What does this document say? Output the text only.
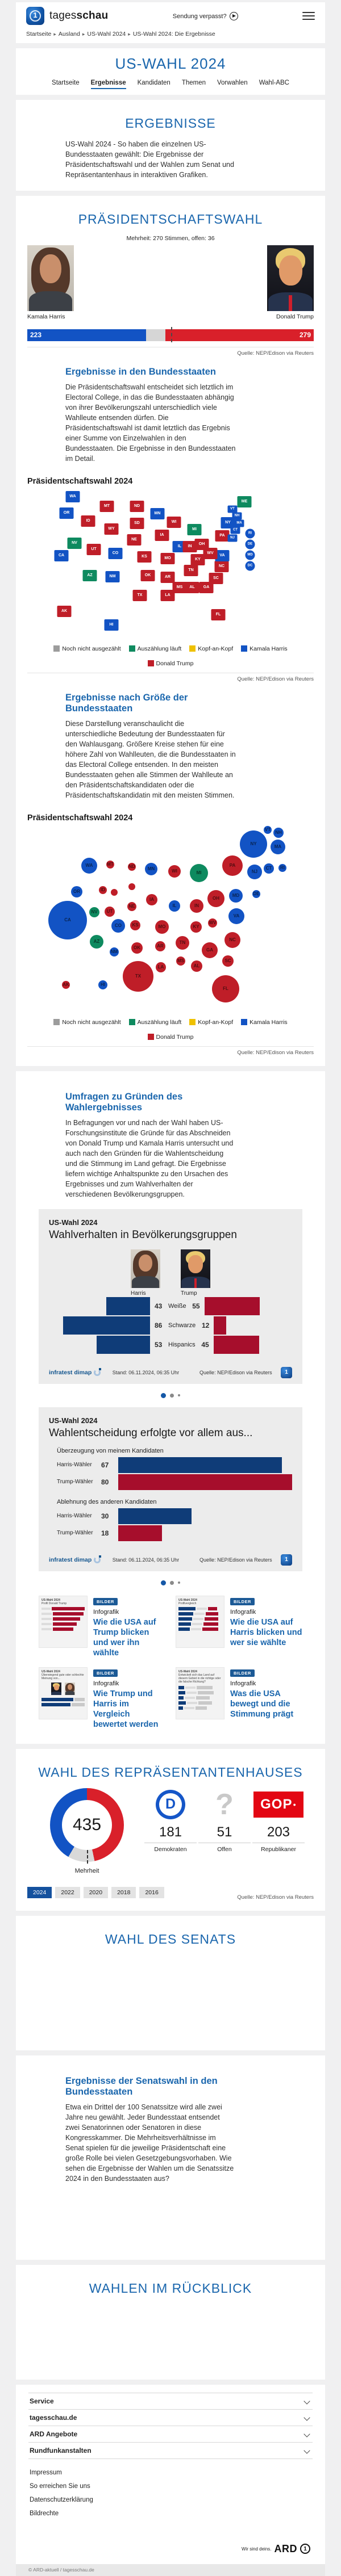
1	tagesschau	Sendung verpasst?
Startseite ▸ Ausland ▸ US-Wahl 2024 ▸ US-Wahl 2024: Die Ergebnisse
US-WAHL 2024
Startseite Ergebnisse Kandidaten Themen Vorwahlen Wahl-ABC
ERGEBNISSE

US-Wahl 2024 - So haben die einzelnen US-Bundesstaaten gewählt: Die Ergebnisse der Präsidentschaftswahl und der Wahlen zum Senat und Repräsentantenhaus in interaktiven Grafiken.

PRÄSIDENTSCHAFTSWAHL
Mehrheit: 270 Stimmen, offen: 36
Kamala Harris	Donald Trump
223	279
Quelle: NEP/Edison via Reuters
Ergebnisse in den Bundesstaaten

Die Präsidentschaftswahl entscheidet sich letztlich im Electoral College, in das die Bundesstaaten abhängig von ihrer Bevölkerungszahl unterschiedlich viele Wahlleute entsenden dürfen. Die Präsidentschaftswahl ist damit letztlich das Ergebnis einer Summe von Einzelwahlen in den Bundesstaaten. Die Ergebnisse in den Bundesstaaten im Detail.

Präsidentschaftswahl 2024
WA
OR
CA
ID
NV
UT
AZ
MT
WY
CO
NM
ND
SD
NE
KS
OK
TX
MN
IA
MO
AR
LA
WI
IL
MS
MI
IN
KY
TN
AL
OH
GA
FL
SC
NC
VA
WV
PA
NY
ME
VT
NH
MA
CT
NJ
RI
DE
MD
DC
AK
HI
Noch nicht ausgezählt	Auszählung läuft	Kopf-an-Kopf	Kamala Harris
Donald Trump
Quelle: NEP/Edison via Reuters
Ergebnisse nach Größe der Bundesstaaten

Diese Darstellung veranschaulicht die unterschiedliche Bedeutung der Bundesstaaten für den Wahlausgang. Größere Kreise stehen für eine höhere Zahl von Wahlleuten, die die Bundesstaaten in das Electoral College entsenden. In den meisten Bundesstaaten gehen alle Stimmen der Wahlleute an den Präsidentschaftskandidaten oder die Präsidentschaftskandidatin mit den meisten Stimmen.

Präsidentschaftswahl 2024
VT
NH
NY
MA
WA	MT	ND	MN	WI	MI
PA
NJ
CT	RI
OR	ID
IA
NE	IL	IN
OH
MD	DE
CA
NV	UT
CO	KS	MO	KY
WV
VA
AZ
NM
OK	AR
TN
GA
NC
SC
MS
AL
LA
TX
AK	HI
FL
Noch nicht ausgezählt	Auszählung läuft	Kopf-an-Kopf	Kamala Harris
Donald Trump
Quelle: NEP/Edison via Reuters
Umfragen zu Gründen des Wahlergebnisses

In Befragungen vor und nach der Wahl haben US-Forschungsinstitute die Gründe für das Abschneiden von Donald Trump und Kamala Harris untersucht und auch nach den Gründen für die Wahlentscheidung und die Stimmung im Land gefragt. Die Ergebnisse liefern wichtige Anhaltspunkte zu den Ursachen des Ergebnisses und zum Wahlverhalten der verschiedenen Bevölkerungsgruppen.

US-Wahl 2024
Wahlverhalten in Bevölkerungsgruppen
Harris	Trump
43 Weiße 55
86 Schwarze 12
53 Hispanics 45
infratest dimap	Stand: 06.11.2024, 06:35 Uhr	Quelle: NEP/Edison via Reuters	1
US-Wahl 2024
Wahlentscheidung erfolgte vor allem aus...
Überzeugung von meinem Kandidaten
Harris-Wähler	67
Trump-Wähler	80
Ablehnung des anderen Kandidaten
Harris-Wähler	30
Trump-Wähler	18
infratest dimap	Stand: 06.11.2024, 06:35 Uhr	Quelle: NEP/Edison via Reuters	1
US-Wahl 2024
Profil Donald Trump	BILDER
Infografik
Wie die USA auf Trump blicken und wer ihn wählte
US-Wahl 2024
Profilvergleich	BILDER
Infografik
Wie die USA auf Harris blicken und wer sie wählte
US-Wahl 2024
Überwiegend gute oder schlechte Meinung von...
BILDER
Infografik
Wie Trump und Harris im Vergleich bewertet werden
US-Wahl 2024
Entwickelt sich das Land auf diesem Gebiet in die richtige oder die falsche Richtung?
BILDER
Infografik
Was die USA bewegt und die Stimmung prägt
WAHL DES REPRÄSENTANTENHAUSES
435
Mehrheit
D
181
Demokraten
?
51
Offen
GOP ●
203
Republikaner
2024	2022	2020	2018	2016
Quelle: NEP/Edison via Reuters
WAHL DES SENATS
Ergebnisse der Senatswahl in den Bundesstaaten

Etwa ein Drittel der 100 Senatssitze wird alle zwei Jahre neu gewählt. Jeder Bundesstaat entsendet zwei Senatorinnen oder Senatoren in diese Kongresskammer. Die Mehrheitsverhältnisse im Senat spielen für die jeweilige Präsidentschaft eine große Rolle bei vielen Gesetzgebungsvorhaben. Wie sehen die Ergebnisse der Wahlen um die Senatssitze 2024 in den Bundesstaaten aus?

WAHLEN IM RÜCKBLICK
Service
tagesschau.de
ARD Angebote
Rundfunkanstalten
Impressum
So erreichen Sie uns
Datenschutzerklärung
Bildrechte
Wir sind deins. ARD	1
© ARD-aktuell / tagesschau.de
